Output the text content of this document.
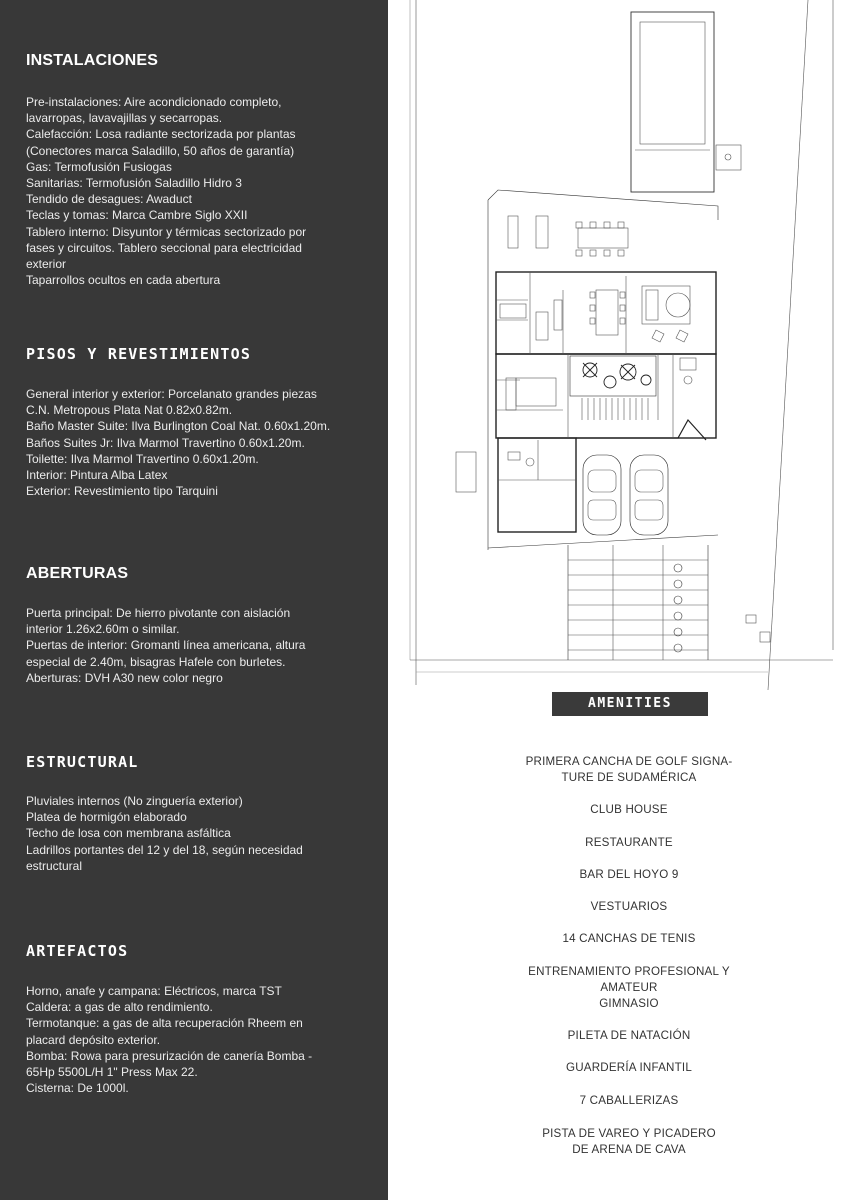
INSTALACIONES

Pre-instalaciones: Aire acondicionado completo,

lavarropas, lavavajillas y secarropas.

Calefacción: Losa radiante sectorizada por plantas

(Conectores marca Saladillo, 50 años de garantía)

Gas: Termofusión Fusiogas

Sanitarias: Termofusión Saladillo Hidro 3

Tendido de desagues: Awaduct

Teclas y tomas: Marca Cambre Siglo XXII

Tablero interno: Disyuntor y térmicas sectorizado por

fases y circuitos. Tablero seccional para electricidad

exterior

Taparrollos ocultos en cada abertura

PISOS Y REVESTIMIENTOS

General interior y exterior: Porcelanato grandes piezas

C.N. Metropous Plata Nat 0.82x0.82m.

Baño Master Suite: Ilva Burlington Coal Nat. 0.60x1.20m.

Baños Suites Jr: Ilva Marmol Travertino 0.60x1.20m.

Toilette: Ilva Marmol Travertino 0.60x1.20m.

Interior: Pintura Alba Latex

Exterior: Revestimiento tipo Tarquini

ABERTURAS

Puerta principal: De hierro pivotante con aislación

interior 1.26x2.60m o similar.

Puertas de interior: Gromanti línea americana, altura

especial de 2.40m, bisagras Hafele con burletes.

Aberturas: DVH A30 new color negro

ESTRUCTURAL

Pluviales internos (No zinguería exterior)

Platea de hormigón elaborado

Techo de losa con membrana asfáltica

Ladrillos portantes del 12 y del 18, según necesidad

estructural

ARTEFACTOS

Horno, anafe y campana: Eléctricos, marca TST

Caldera: a gas de alto rendimiento.

Termotanque: a gas de alta recuperación Rheem en

placard depósito exterior.

Bomba: Rowa para presurización de canería Bomba -

65Hp 5500L/H 1" Press Max 22.

Cisterna: De 1000l.

AMENITIES
PRIMERA CANCHA DE GOLF SIGNA-
TURE DE SUDAMÉRICA
CLUB HOUSE
RESTAURANTE
BAR DEL HOYO 9
VESTUARIOS
14 CANCHAS DE TENIS
ENTRENAMIENTO PROFESIONAL Y
AMATEUR
GIMNASIO
PILETA DE NATACIÓN
GUARDERÍA INFANTIL
7 CABALLERIZAS
PISTA DE VAREO Y PICADERO
DE ARENA DE CAVA
